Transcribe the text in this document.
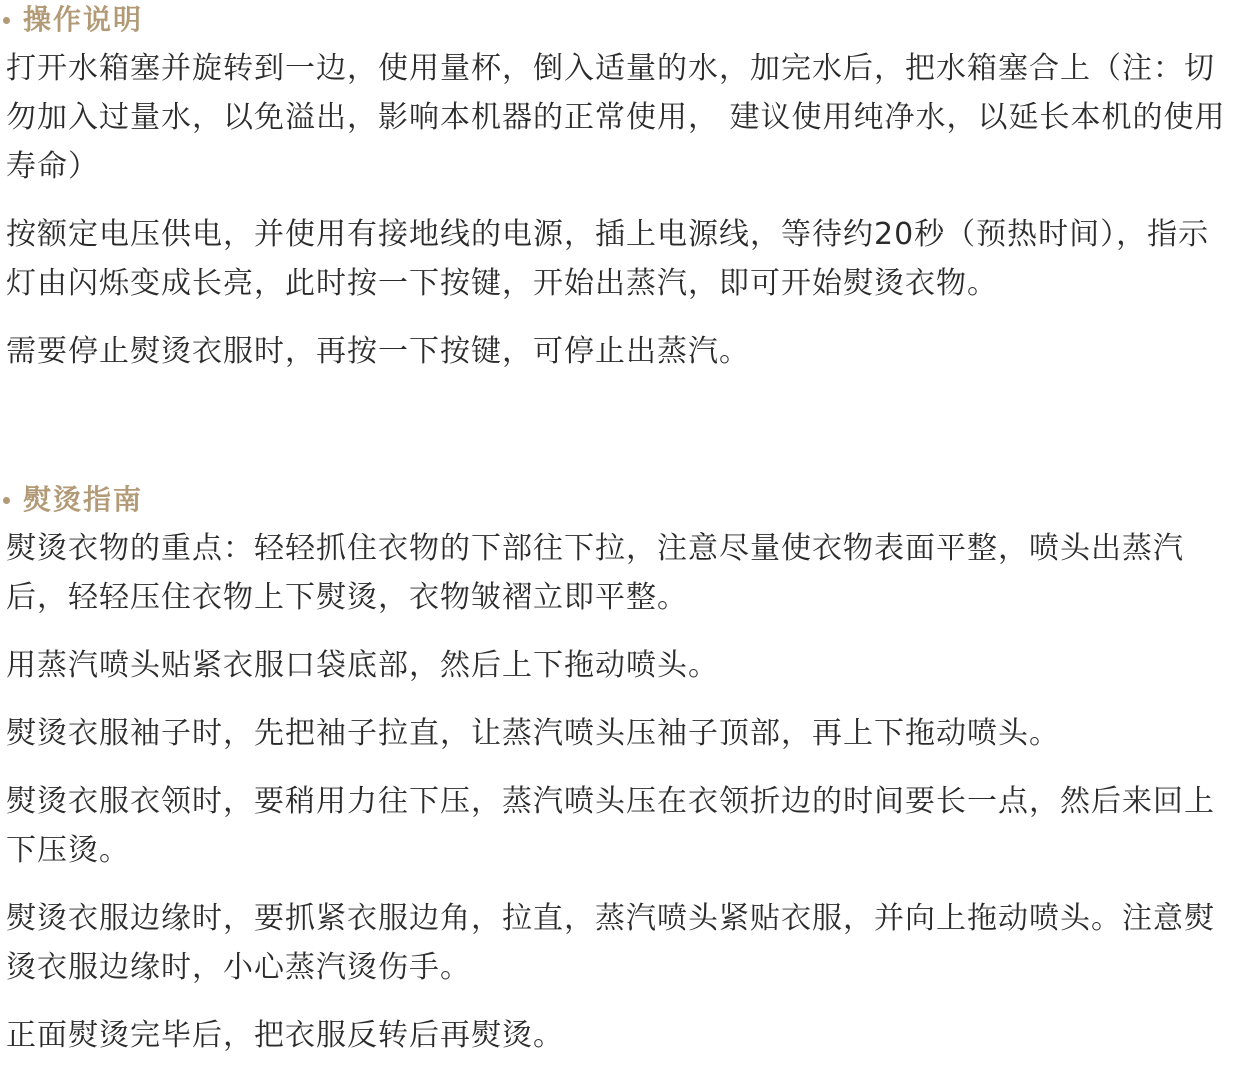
操作说明

打开水箱塞并旋转到一边，使用量杯，倒入适量的水，加完水后，把水箱塞合上（注：切勿加入过量水，以免溢出，影响本机器的正常使用， 建议使用纯净水，以延长本机的使用寿命）

按额定电压供电，并使用有接地线的电源，插上电源线，等待约20秒（预热时间），指示灯由闪烁变成长亮，此时按一下按键，开始出蒸汽，即可开始熨烫衣物。

需要停止熨烫衣服时，再按一下按键，可停止出蒸汽。

熨烫指南

熨烫衣物的重点：轻轻抓住衣物的下部往下拉，注意尽量使衣物表面平整，喷头出蒸汽后，轻轻压住衣物上下熨烫，衣物皱褶立即平整。

用蒸汽喷头贴紧衣服口袋底部，然后上下拖动喷头。

熨烫衣服袖子时，先把袖子拉直，让蒸汽喷头压袖子顶部，再上下拖动喷头。

熨烫衣服衣领时，要稍用力往下压，蒸汽喷头压在衣领折边的时间要长一点，然后来回上下压烫。

熨烫衣服边缘时，要抓紧衣服边角，拉直，蒸汽喷头紧贴衣服，并向上拖动喷头。注意熨烫衣服边缘时，小心蒸汽烫伤手。

正面熨烫完毕后，把衣服反转后再熨烫。
